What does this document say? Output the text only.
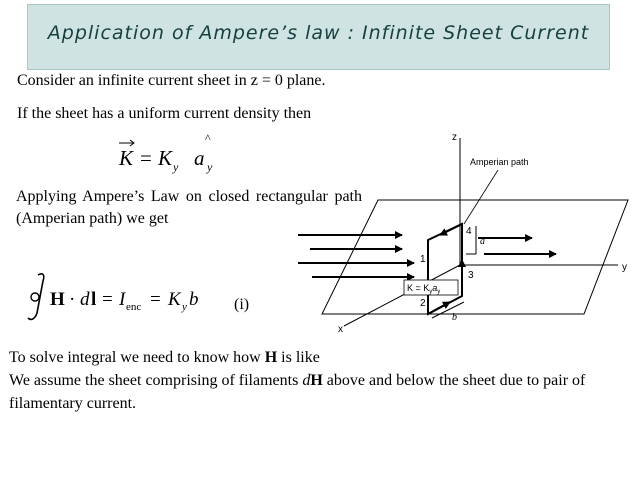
Application of Ampere’s law : Infinite Sheet Current
Consider an infinite current sheet in z = 0 plane.
If the sheet has a uniform current density then
K = K y
^
a y
Applying Ampere’s Law on closed rectangular path (Amperian path) we get
H · d l = I enc = K y b (i)
z
y
x
a
b
1
2
3
4
Amperian path
$K = K_ya_y$
To solve integral we need to know how H is like
We assume the sheet comprising of filaments dH above and below the sheet due to pair of filamentary current.
